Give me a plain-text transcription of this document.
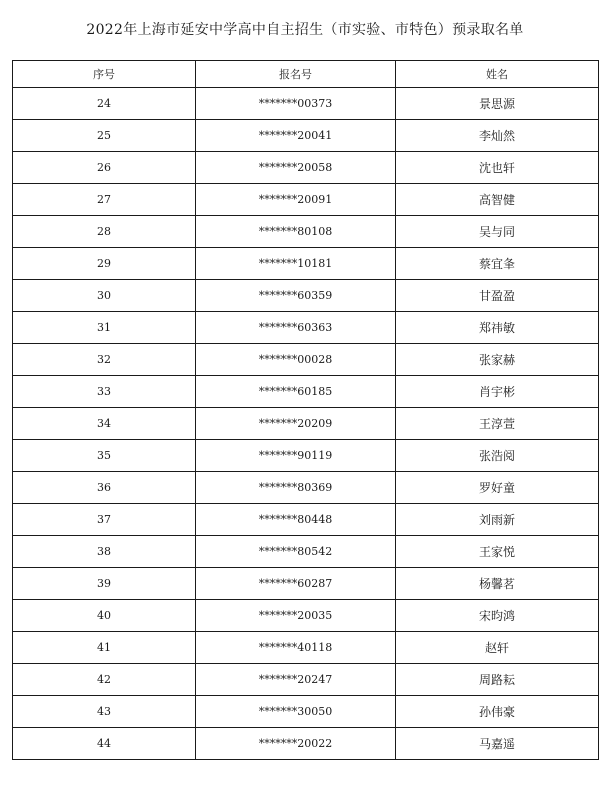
2022年上海市延安中学高中自主招生（市实验、市特色）预录取名单
序号	报名号	姓名
24	*******00373	景思源
25	*******20041	李灿然
26	*******20058	沈也轩
27	*******20091	高智健
28	*******80108	吴与同
29	*******10181	蔡宜夆
30	*******60359	甘盈盈
31	*******60363	郑祎敏
32	*******00028	张家赫
33	*******60185	肖宇彬
34	*******20209	王淳萱
35	*******90119	张浩阅
36	*******80369	罗好童
37	*******80448	刘雨新
38	*******80542	王家悦
39	*******60287	杨馨茗
40	*******20035	宋昀鸿
41	*******40118	赵轩
42	*******20247	周路耘
43	*******30050	孙伟豪
44	*******20022	马嘉遥
